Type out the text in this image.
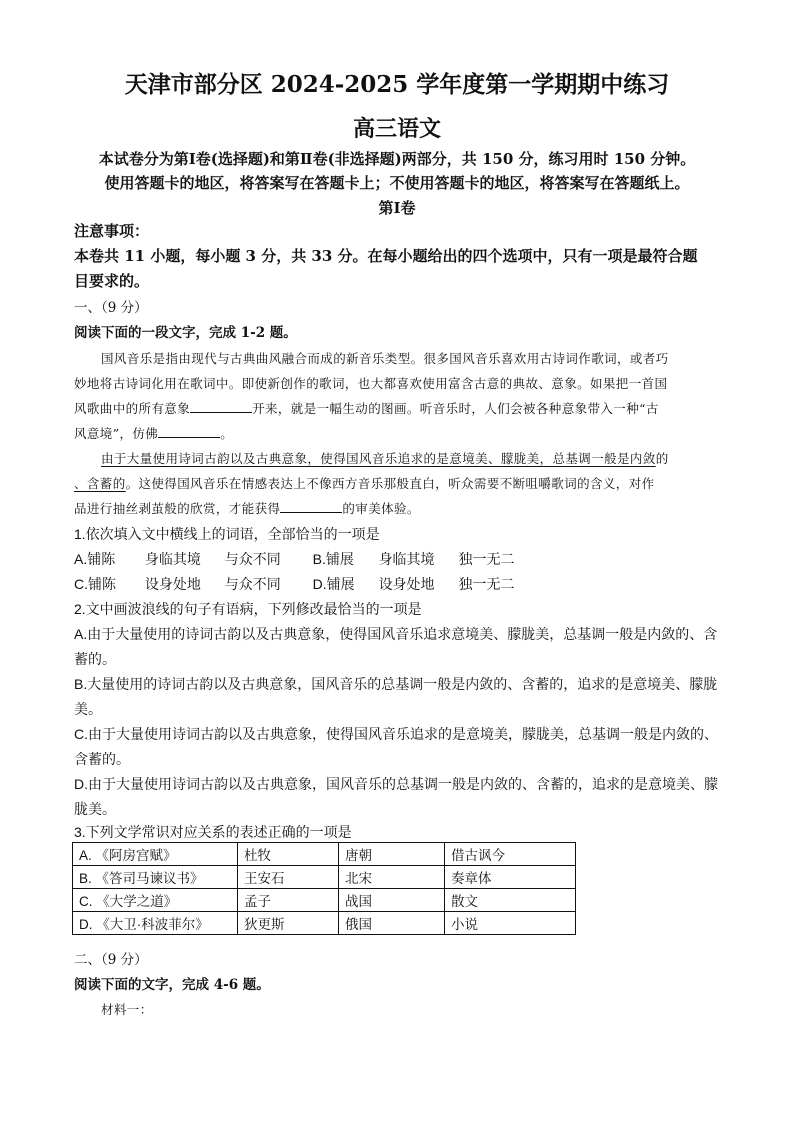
天津市部分区 2024-2025 学年度第一学期期中练习
高三语文
本试卷分为第Ⅰ卷(选择题)和第Ⅱ卷(非选择题)两部分，共 150 分，练习用时 150 分钟。
使用答题卡的地区，将答案写在答题卡上；不使用答题卡的地区，将答案写在答题纸上。
第Ⅰ卷
注意事项：
本卷共 11 小题，每小题 3 分，共 33 分。在每小题给出的四个选项中，只有一项是最符合题
目要求的。
一、（9 分）
阅读下面的一段文字，完成 1-2 题。
国风音乐是指由现代与古典曲风融合而成的新音乐类型。很多国风音乐喜欢用古诗词作歌词，或者巧
妙地将古诗词化用在歌词中。即使新创作的歌词，也大都喜欢使用富含古意的典故、意象。如果把一首国
风歌曲中的所有意象	开来，就是一幅生动的图画。听音乐时，人们会被各种意象带入一种“古
风意境”，仿佛	。
由于大量使用诗词古韵以及古典意象，使得国风音乐追求的是意境美、朦胧美，总基调一般是内敛的
、含蓄的。这使得国风音乐在情感表达上不像西方音乐那般直白，听众需要不断咀嚼歌词的含义，对作
品进行抽丝剥茧般的欣赏，才能获得	的审美体验。
1.依次填入文中横线上的词语，全部恰当的一项是
A.铺陈 身临其境 与众不同 B.铺展 身临其境 独一无二
C.铺陈 设身处地 与众不同 D.铺展 设身处地 独一无二
2.文中画波浪线的句子有语病，下列修改最恰当的一项是
A.由于大量使用的诗词古韵以及古典意象，使得国风音乐追求意境美、朦胧美，总基调一般是内敛的、含
蓄的。
B.大量使用的诗词古韵以及古典意象，国风音乐的总基调一般是内敛的、含蓄的，追求的是意境美、朦胧
美。
C.由于大量使用诗词古韵以及古典意象，使得国风音乐追求的是意境美，朦胧美，总基调一般是内敛的、
含蓄的。
D.由于大量使用诗词古韵以及古典意象，国风音乐的总基调一般是内敛的、含蓄的，追求的是意境美、朦
胧美。
3.下列文学常识对应关系的表述正确的一项是
A. 《阿房宫赋》	杜牧	唐朝	借古讽今
B. 《答司马谏议书》	王安石	北宋	奏章体
C. 《大学之道》	孟子	战国	散文
D. 《大卫·科波菲尔》	狄更斯	俄国	小说
二、（9 分）
阅读下面的文字，完成 4-6 题。
材料一：
